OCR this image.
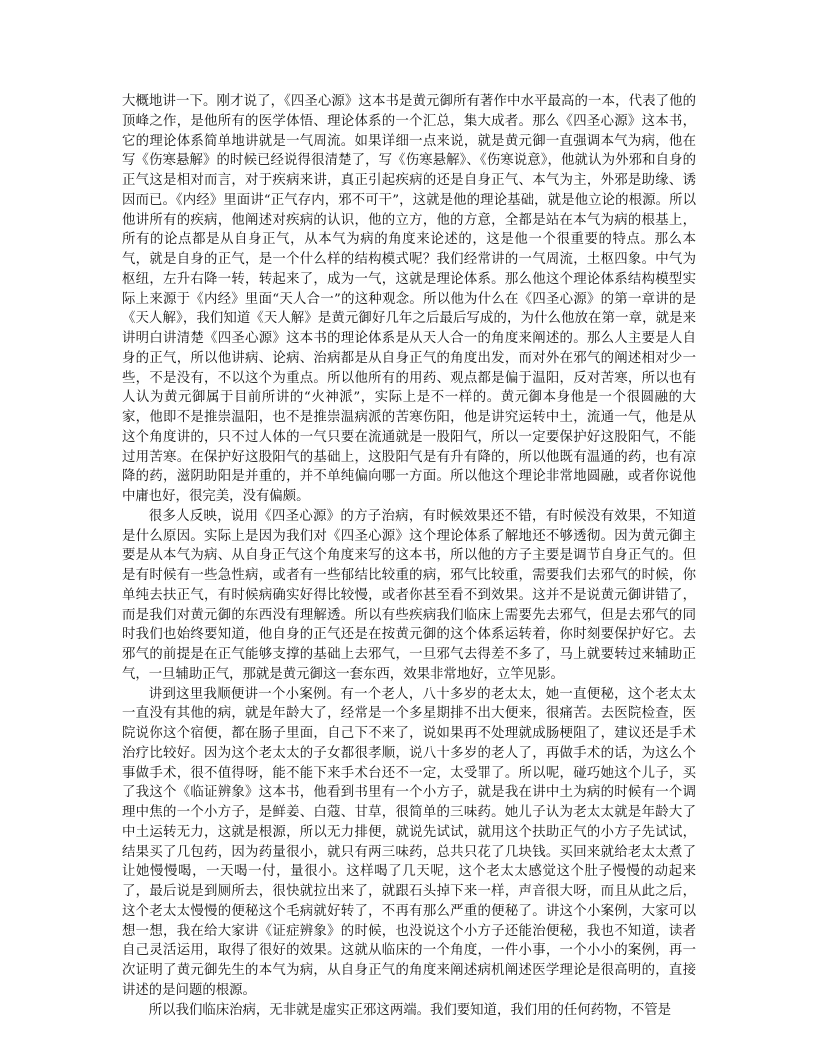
大概地讲一下。刚才说了，《四圣心源》这本书是黄元御所有著作中水平最高的一本，代表了他的顶峰之作，是他所有的医学体悟、理论体系的一个汇总，集大成者。那么《四圣心源》这本书，它的理论体系简单地讲就是一气周流。如果详细一点来说，就是黄元御一直强调本气为病，他在写《伤寒悬解》的时候已经说得很清楚了，写《伤寒悬解》、《伤寒说意》，他就认为外邪和自身的正气这是相对而言，对于疾病来讲，真正引起疾病的还是自身正气、本气为主，外邪是助缘、诱因而已。《内经》里面讲“正气存内，邪不可干”，这就是他的理论基础，就是他立论的根源。所以他讲所有的疾病，他阐述对疾病的认识，他的立方，他的方意，全都是站在本气为病的根基上，所有的论点都是从自身正气，从本气为病的角度来论述的，这是他一个很重要的特点。那么本气，就是自身的正气，是一个什么样的结构模式呢？我们经常讲的一气周流，土枢四象。中气为枢纽，左升右降一转，转起来了，成为一气，这就是理论体系。那么他这个理论体系结构模型实际上来源于《内经》里面“天人合一”的这种观念。所以他为什么在《四圣心源》的第一章讲的是《天人解》，我们知道《天人解》是黄元御好几年之后最后写成的，为什么他放在第一章，就是来讲明白讲清楚《四圣心源》这本书的理论体系是从天人合一的角度来阐述的。那么人主要是人自身的正气，所以他讲病、论病、治病都是从自身正气的角度出发，而对外在邪气的阐述相对少一些，不是没有，不以这个为重点。所以他所有的用药、观点都是偏于温阳，反对苦寒，所以也有人认为黄元御属于目前所讲的“火神派”，实际上是不一样的。黄元御本身他是一个很圆融的大家，他即不是推崇温阳，也不是推崇温病派的苦寒伤阳，他是讲究运转中土，流通一气，他是从这个角度讲的，只不过人体的一气只要在流通就是一股阳气，所以一定要保护好这股阳气，不能过用苦寒。在保护好这股阳气的基础上，这股阳气是有升有降的，所以他既有温通的药，也有凉降的药，滋阴助阳是并重的，并不单纯偏向哪一方面。所以他这个理论非常地圆融，或者你说他中庸也好，很完美，没有偏颇。

很多人反映，说用《四圣心源》的方子治病，有时候效果还不错，有时候没有效果，不知道是什么原因。实际上是因为我们对《四圣心源》这个理论体系了解地还不够透彻。因为黄元御主要是从本气为病、从自身正气这个角度来写的这本书，所以他的方子主要是调节自身正气的。但是有时候有一些急性病，或者有一些郁结比较重的病，邪气比较重，需要我们去邪气的时候，你单纯去扶正气，有时候病确实好得比较慢，或者你甚至看不到效果。这并不是说黄元御讲错了，而是我们对黄元御的东西没有理解透。所以有些疾病我们临床上需要先去邪气，但是去邪气的同时我们也始终要知道，他自身的正气还是在按黄元御的这个体系运转着，你时刻要保护好它。去邪气的前提是在正气能够支撑的基础上去邪气，一旦邪气去得差不多了，马上就要转过来辅助正气，一旦辅助正气，那就是黄元御这一套东西，效果非常地好，立竿见影。

讲到这里我顺便讲一个小案例。有一个老人，八十多岁的老太太，她一直便秘，这个老太太一直没有其他的病，就是年龄大了，经常是一个多星期排不出大便来，很痛苦。去医院检查，医院说你这个宿便，都在肠子里面，自己下不来了，说如果再不处理就成肠梗阻了，建议还是手术治疗比较好。因为这个老太太的子女都很孝顺，说八十多岁的老人了，再做手术的话，为这么个事做手术，很不值得呀，能不能下来手术台还不一定，太受罪了。所以呢，碰巧她这个儿子，买了我这个《临证辨象》这本书，他看到书里有一个小方子，就是我在讲中土为病的时候有一个调理中焦的一个小方子，是鲜姜、白蔻、甘草，很简单的三味药。她儿子认为老太太就是年龄大了中土运转无力，这就是根源，所以无力排便，就说先试试，就用这个扶助正气的小方子先试试，结果买了几包药，因为药量很小，就只有两三味药，总共只花了几块钱。买回来就给老太太煮了让她慢慢喝，一天喝一付，量很小。这样喝了几天呢，这个老太太感觉这个肚子慢慢的动起来了，最后说是到厕所去，很快就拉出来了，就跟石头掉下来一样，声音很大呀，而且从此之后，这个老太太慢慢的便秘这个毛病就好转了，不再有那么严重的便秘了。讲这个小案例，大家可以想一想，我在给大家讲《证症辨象》的时候，也没说这个小方子还能治便秘，我也不知道，读者自己灵活运用，取得了很好的效果。这就从临床的一个角度，一件小事，一个小小的案例，再一次证明了黄元御先生的本气为病，从自身正气的角度来阐述病机阐述医学理论是很高明的，直接讲述的是问题的根源。

所以我们临床治病，无非就是虚实正邪这两端。我们要知道，我们用的任何药物，不管是
